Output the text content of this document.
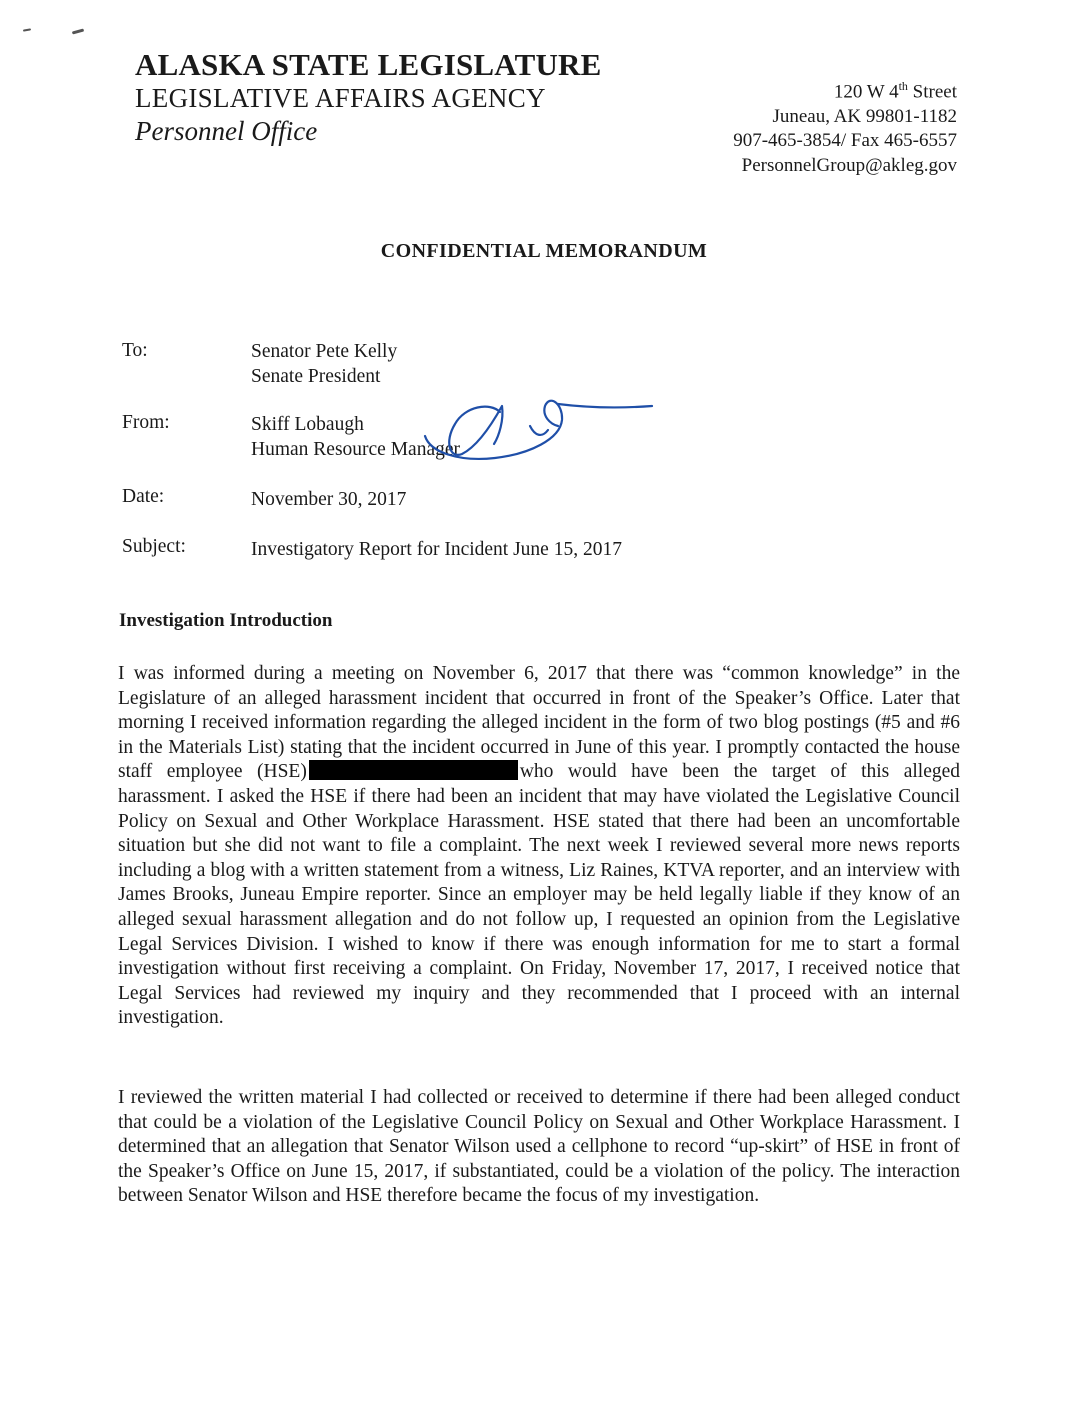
ALASKA STATE LEGISLATURE
LEGISLATIVE AFFAIRS AGENCY
Personnel Office
120 W 4th Street
Juneau, AK 99801-1182
907-465-3854/ Fax 465-6557
PersonnelGroup@akleg.gov
CONFIDENTIAL MEMORANDUM
To:	Senator Pete Kelly
Senate President
From:	Skiff Lobaugh
Human Resource Manager
Date:	November 30, 2017
Subject:	Investigatory Report for Incident June 15, 2017
Investigation Introduction

I was informed during a meeting on November 6, 2017 that there was “common knowledge” in the Legislature of an alleged harassment incident that occurred in front of the Speaker’s Office. Later that morning I received information regarding the alleged incident in the form of two blog postings (#5 and #6 in the Materials List) stating that the incident occurred in June of this year. I promptly contacted the house staff employee (HSE)	who would have been the target of this alleged harassment. I asked the HSE if there had been an incident that may have violated the Legislative Council Policy on Sexual and Other Workplace Harassment. HSE stated that there had been an uncomfortable situation but she did not want to file a complaint. The next week I reviewed several more news reports including a blog with a written statement from a witness, Liz Raines, KTVA reporter, and an interview with James Brooks, Juneau Empire reporter. Since an employer may be held legally liable if they know of an alleged sexual harassment allegation and do not follow up, I requested an opinion from the Legislative Legal Services Division. I wished to know if there was enough information for me to start a formal investigation without first receiving a complaint. On Friday, November 17, 2017, I received notice that Legal Services had reviewed my inquiry and they recommended that I proceed with an internal investigation.

I reviewed the written material I had collected or received to determine if there had been alleged conduct that could be a violation of the Legislative Council Policy on Sexual and Other Workplace Harassment. I determined that an allegation that Senator Wilson used a cellphone to record “up-skirt” of HSE in front of the Speaker’s Office on June 15, 2017, if substantiated, could be a violation of the policy. The interaction between Senator Wilson and HSE therefore became the focus of my investigation.
